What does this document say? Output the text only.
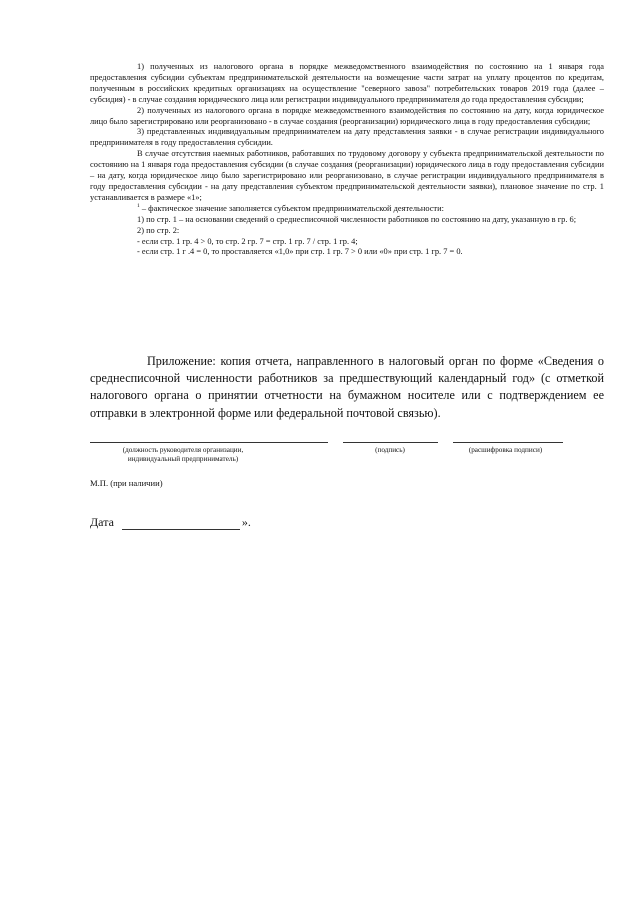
1) полученных из налогового органа в порядке межведомственного взаимодействия по состоянию на 1 января года предоставления субсидии субъектам предпринимательской деятельности на возмещение части затрат на уплату процентов по кредитам, полученным в российских кредитных организациях на осуществление "северного завоза" потребительских товаров 2019 года (далее – субсидия) - в случае создания юридического лица или регистрации индивидуального предпринимателя до года предоставления субсидии;

2) полученных из налогового органа в порядке межведомственного взаимодействия по состоянию на дату, когда юридическое лицо было зарегистрировано или реорганизовано - в случае создания (реорганизации) юридического лица в году предоставления субсидии;

3) представленных индивидуальным предпринимателем на дату представления заявки - в случае регистрации индивидуального предпринимателя в году предоставления субсидии.

В случае отсутствия наемных работников, работавших по трудовому договору у субъекта предпринимательской деятельности по состоянию на 1 января года предоставления субсидии (в случае создания (реорганизации) юридического лица в году предоставления субсидии – на дату, когда юридическое лицо было зарегистрировано или реорганизовано, в случае регистрации индивидуального предпринимателя в году предоставления субсидии - на дату представления субъектом предпринимательской деятельности заявки), плановое значение по стр. 1 устанавливается в размере «1»;

$^1$ – фактическое значение заполняется субъектом предпринимательской деятельности:

1) по стр. 1 – на основании сведений о среднесписочной численности работников по состоянию на дату, указанную в гр. 6;

2) по стр. 2:

- если стр. 1 гр. 4 > 0, то стр. 2 гр. 7 = стр. 1 гр. 7 / стр. 1 гр. 4;

- если стр. 1 г .4 = 0, то проставляется «1,0» при стр. 1 гр. 7 > 0 или «0» при стр. 1 гр. 7 = 0.

Приложение: копия отчета, направленного в налоговый орган по форме «Сведения о среднесписочной численности работников за предшествующий календарный год» (с отметкой налогового органа о принятии отчетности на бумажном носителе или с подтверждением ее отправки в электронной форме или федеральной почтовой связью).

(должность руководителя организации, индивидуальный предприниматель)
(подпись)	(расшифровка подписи)
М.П. (при наличии)
Дата	».
